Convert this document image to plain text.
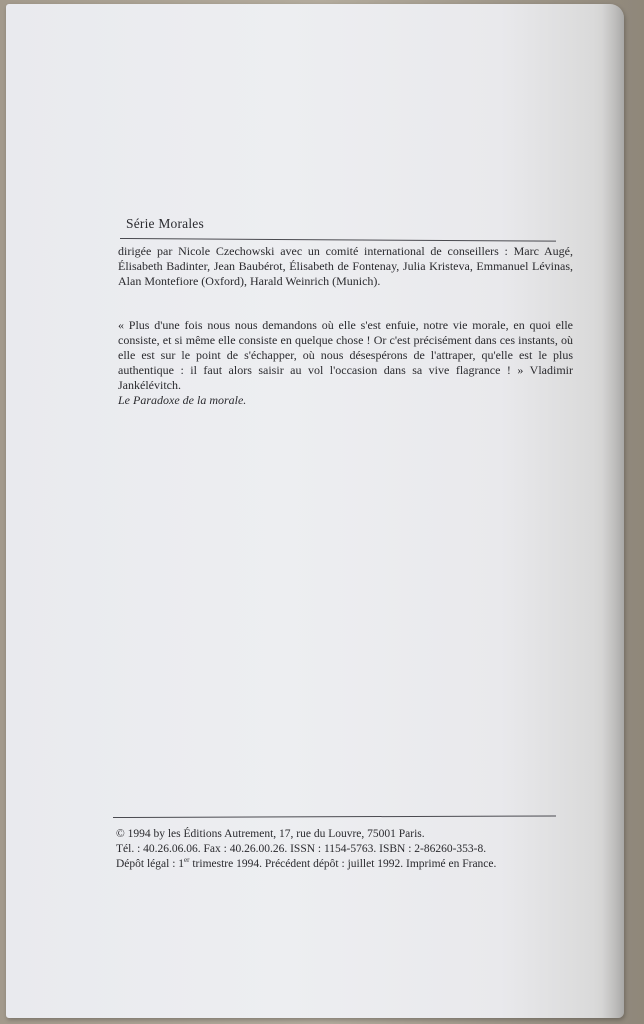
Série Morales
dirigée par Nicole Czechowski avec un comité international de conseillers : Marc Augé, Élisabeth Badinter, Jean Baubérot, Élisabeth de Fontenay, Julia Kristeva, Emmanuel Lévinas, Alan Montefiore (Oxford), Harald Weinrich (Munich).
« Plus d'une fois nous nous demandons où elle s'est enfuie, notre vie morale, en quoi elle consiste, et si même elle consiste en quelque chose ! Or c'est précisément dans ces instants, où elle est sur le point de s'échapper, où nous désespérons de l'attraper, qu'elle est le plus authentique : il faut alors saisir au vol l'occasion dans sa vive flagrance ! » Vladimir Jankélévitch.
Le Paradoxe de la morale.
© 1994 by les Éditions Autrement, 17, rue du Louvre, 75001 Paris.
Tél. : 40.26.06.06. Fax : 40.26.00.26. ISSN : 1154-5763. ISBN : 2-86260-353-8.
Dépôt légal : 1er trimestre 1994. Précédent dépôt : juillet 1992. Imprimé en France.
